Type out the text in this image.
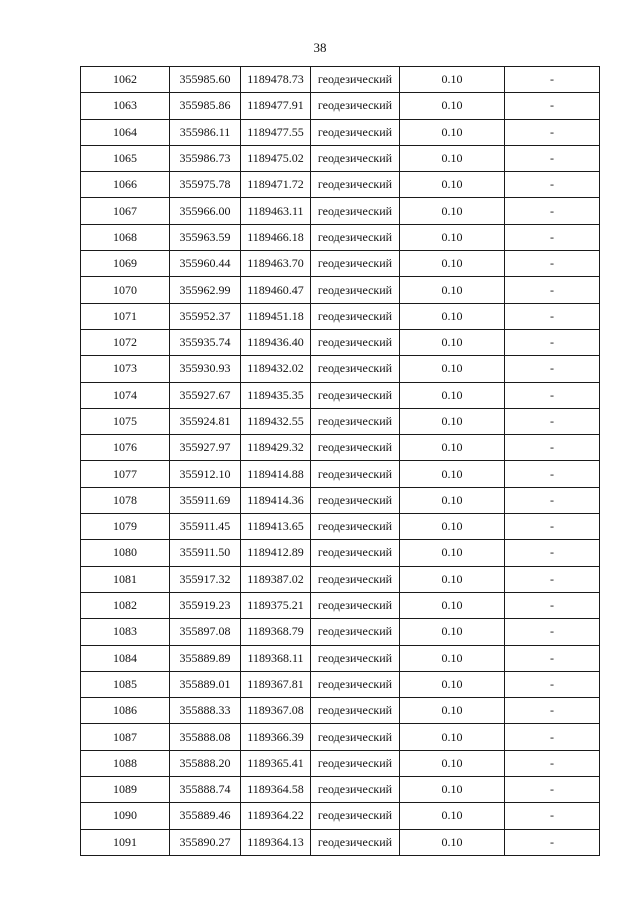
38
1062	355985.60	1189478.73	геодезический	0.10	-
1063	355985.86	1189477.91	геодезический	0.10	-
1064	355986.11	1189477.55	геодезический	0.10	-
1065	355986.73	1189475.02	геодезический	0.10	-
1066	355975.78	1189471.72	геодезический	0.10	-
1067	355966.00	1189463.11	геодезический	0.10	-
1068	355963.59	1189466.18	геодезический	0.10	-
1069	355960.44	1189463.70	геодезический	0.10	-
1070	355962.99	1189460.47	геодезический	0.10	-
1071	355952.37	1189451.18	геодезический	0.10	-
1072	355935.74	1189436.40	геодезический	0.10	-
1073	355930.93	1189432.02	геодезический	0.10	-
1074	355927.67	1189435.35	геодезический	0.10	-
1075	355924.81	1189432.55	геодезический	0.10	-
1076	355927.97	1189429.32	геодезический	0.10	-
1077	355912.10	1189414.88	геодезический	0.10	-
1078	355911.69	1189414.36	геодезический	0.10	-
1079	355911.45	1189413.65	геодезический	0.10	-
1080	355911.50	1189412.89	геодезический	0.10	-
1081	355917.32	1189387.02	геодезический	0.10	-
1082	355919.23	1189375.21	геодезический	0.10	-
1083	355897.08	1189368.79	геодезический	0.10	-
1084	355889.89	1189368.11	геодезический	0.10	-
1085	355889.01	1189367.81	геодезический	0.10	-
1086	355888.33	1189367.08	геодезический	0.10	-
1087	355888.08	1189366.39	геодезический	0.10	-
1088	355888.20	1189365.41	геодезический	0.10	-
1089	355888.74	1189364.58	геодезический	0.10	-
1090	355889.46	1189364.22	геодезический	0.10	-
1091	355890.27	1189364.13	геодезический	0.10	-
